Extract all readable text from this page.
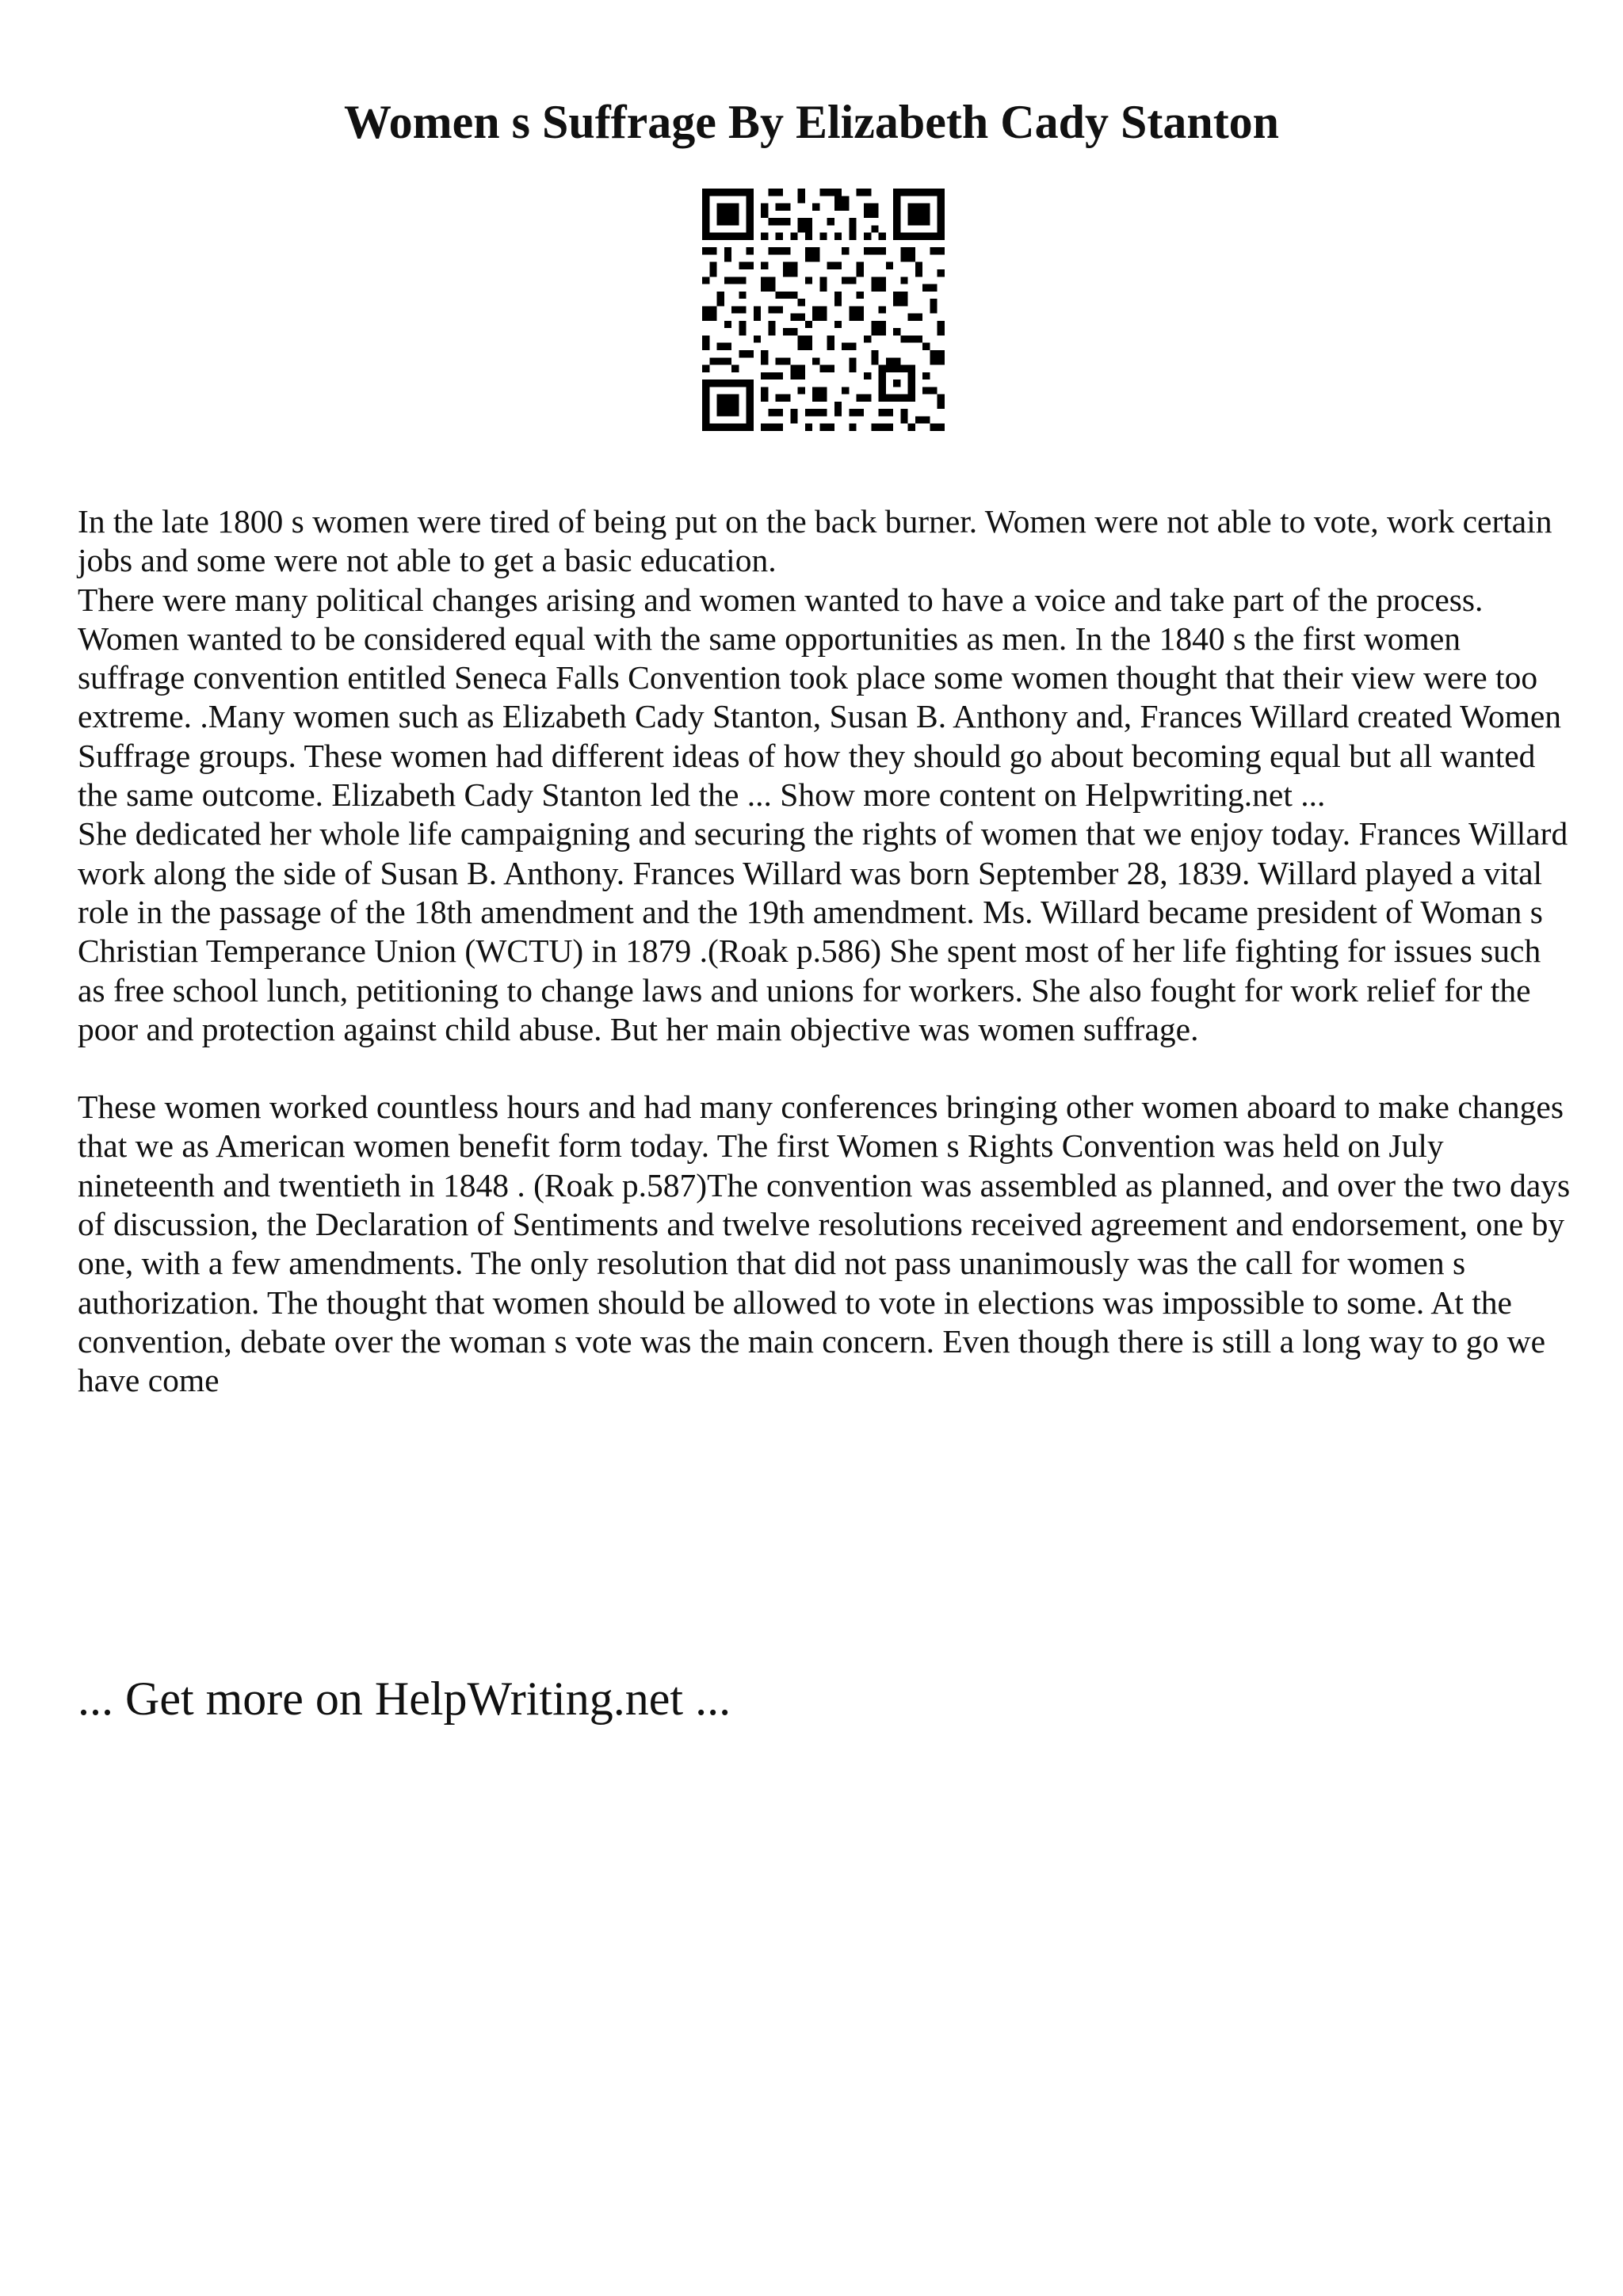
Women s Suffrage By Elizabeth Cady Stanton

In the late 1800 s women were tired of being put on the back burner. Women were not able to vote, work certain jobs and some were not able to get a basic education.

There were many political changes arising and women wanted to have a voice and take part of the process. Women wanted to be considered equal with the same opportunities as men. In the 1840 s the first women suffrage convention entitled Seneca Falls Convention took place some women thought that their view were too extreme. .Many women such as Elizabeth Cady Stanton, Susan B. Anthony and, Frances Willard created Women Suffrage groups. These women had different ideas of how they should go about becoming equal but all wanted the same outcome. Elizabeth Cady Stanton led the ... Show more content on Helpwriting.net ...

She dedicated her whole life campaigning and securing the rights of women that we enjoy today. Frances Willard work along the side of Susan B. Anthony. Frances Willard was born September 28, 1839. Willard played a vital role in the passage of the 18th amendment and the 19th amendment. Ms. Willard became president of Woman s Christian Temperance Union (WCTU) in 1879 .(Roak p.586) She spent most of her life fighting for issues such as free school lunch, petitioning to change laws and unions for workers. She also fought for work relief for the poor and protection against child abuse. But her main objective was women suffrage.

These women worked countless hours and had many conferences bringing other women aboard to make changes that we as American women benefit form today. The first Women s Rights Convention was held on July nineteenth and twentieth in 1848 . (Roak p.587)The convention was assembled as planned, and over the two days of discussion, the Declaration of Sentiments and twelve resolutions received agreement and endorsement, one by one, with a few amendments. The only resolution that did not pass unanimously was the call for women s authorization. The thought that women should be allowed to vote in elections was impossible to some. At the convention, debate over the woman s vote was the main concern. Even though there is still a long way to go we have come

... Get more on HelpWriting.net ...
